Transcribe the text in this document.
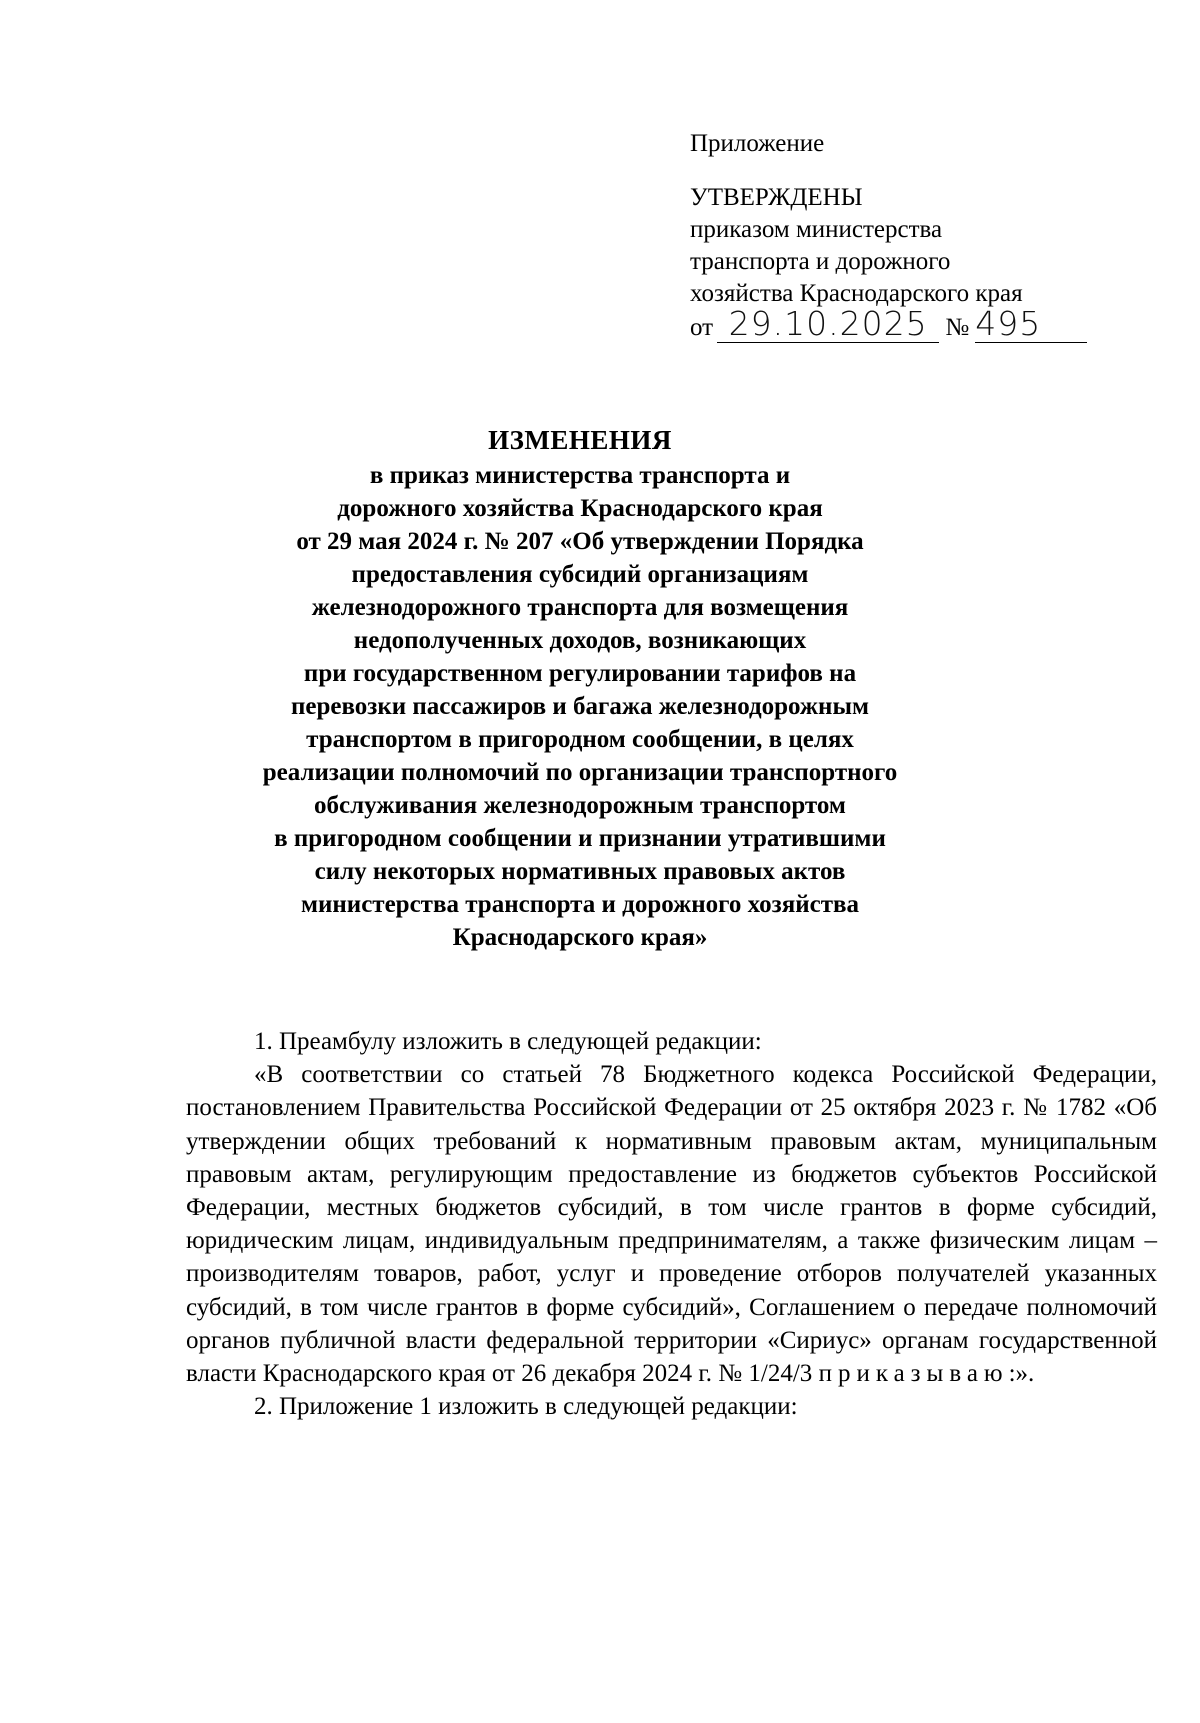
Приложение
УТВЕРЖДЕНЫ
приказом министерства
транспорта и дорожного
хозяйства Краснодарского края
от 29.10.2025 № 495
ИЗМЕНЕНИЯ
в приказ министерства транспорта и
дорожного хозяйства Краснодарского края
от 29 мая 2024 г. № 207 «Об утверждении Порядка
предоставления субсидий организациям
железнодорожного транспорта для возмещения
недополученных доходов, возникающих
при государственном регулировании тарифов на
перевозки пассажиров и багажа железнодорожным
транспортом в пригородном сообщении, в целях
реализации полномочий по организации транспортного
обслуживания железнодорожным транспортом
в пригородном сообщении и признании утратившими
силу некоторых нормативных правовых актов
министерства транспорта и дорожного хозяйства
Краснодарского края»
1. Преамбулу изложить в следующей редакции:
«В соответствии со статьей 78 Бюджетного кодекса Российской Федерации, постановлением Правительства Российской Федерации от 25 октября 2023 г. № 1782 «Об утверждении общих требований к нормативным правовым актам, муниципальным правовым актам, регулирующим предоставление из бюджетов субъектов Российской Федерации, местных бюджетов субсидий, в том числе грантов в форме субсидий, юридическим лицам, индивидуальным предпринимателям, а также физическим лицам – производителям товаров, работ, услуг и проведение отборов получателей указанных субсидий, в том числе грантов в форме субсидий», Соглашением о передаче полномочий органов публичной власти федеральной территории «Сириус» органам государственной власти Краснодарского края от 26 декабря 2024 г. № 1/24/3 приказываю:».
2. Приложение 1 изложить в следующей редакции:
